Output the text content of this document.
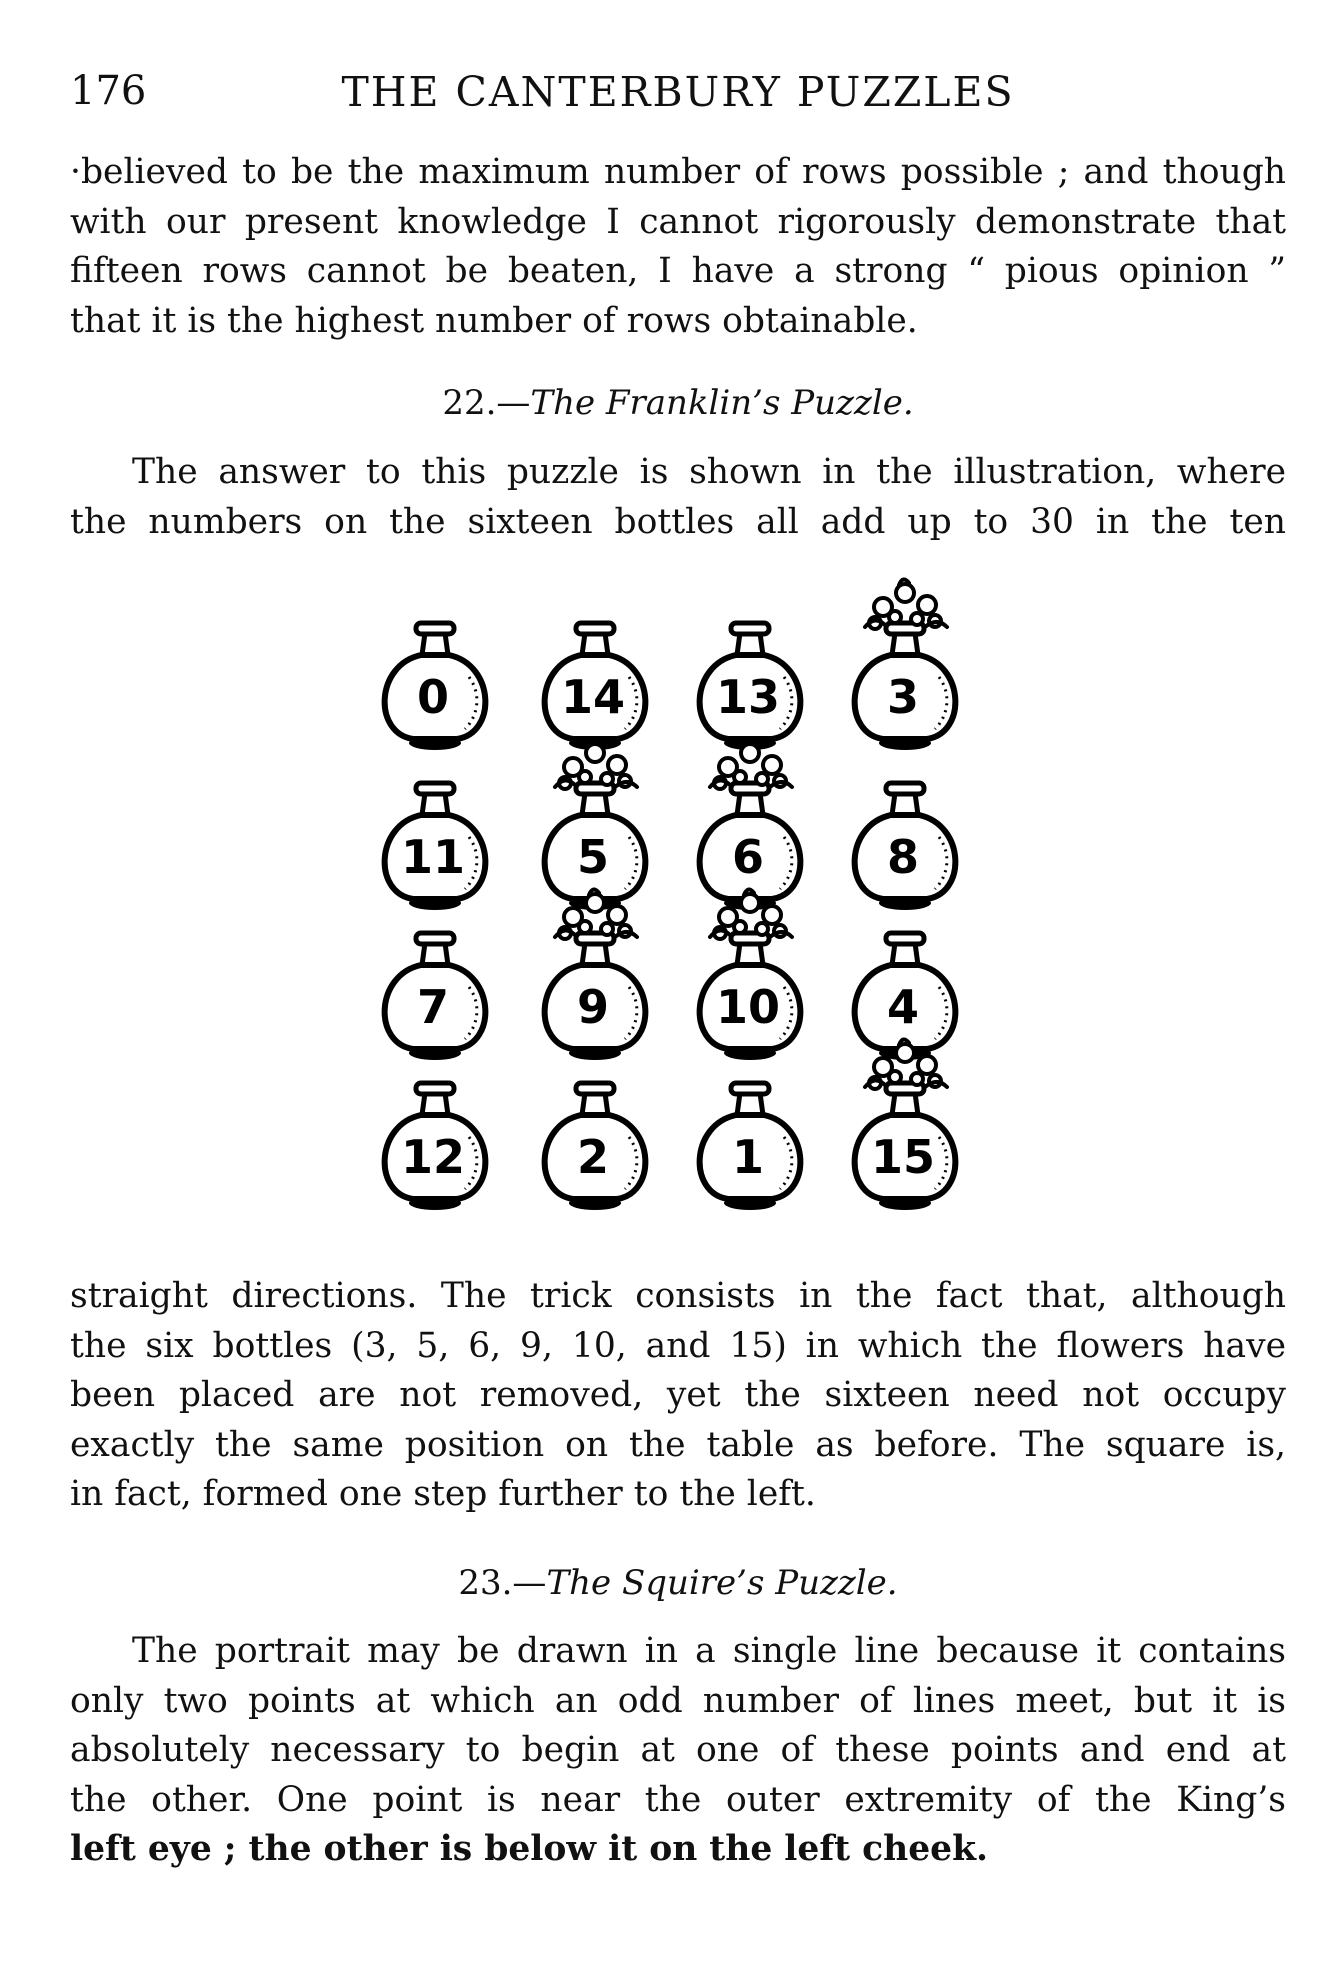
176	THE CANTERBURY PUZZLES

·believed to be the maximum number of rows possible ; and though
with our present knowledge I cannot rigorously demonstrate that
fifteen rows cannot be beaten, I have a strong “ pious opinion ”
that it is the highest number of rows obtainable.

22.—The Franklin’s Puzzle.

The answer to this puzzle is shown in the illustration, where
the numbers on the sixteen bottles all add up to 30 in the ten

0 14 13 3
11 5	6	8
7	9 10 4
12 2	1 15

straight directions. The trick consists in the fact that, although
the six bottles (3, 5, 6, 9, 10, and 15) in which the flowers have
been placed are not removed, yet the sixteen need not occupy
exactly the same position on the table as before. The square is,
in fact, formed one step further to the left.

23.—The Squire’s Puzzle.

The portrait may be drawn in a single line because it contains
only two points at which an odd number of lines meet, but it is
absolutely necessary to begin at one of these points and end at
the other. One point is near the outer extremity of the King’s
left eye ; the other is below it on the left cheek.
